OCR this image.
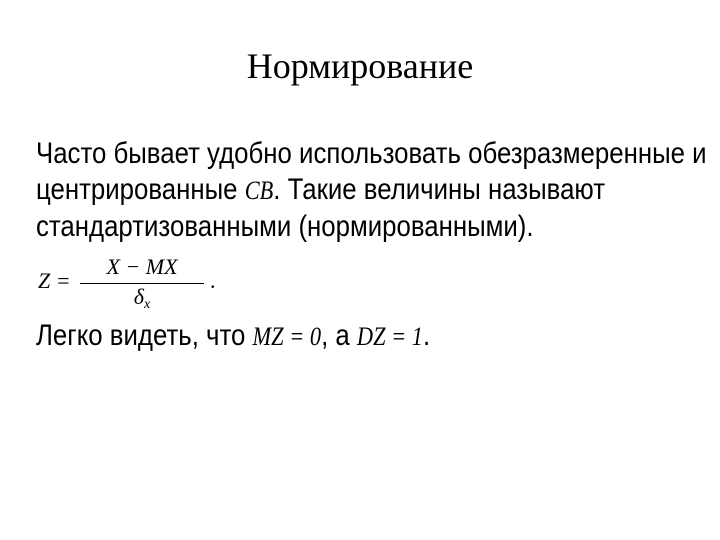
Нормирование

Часто бывает удобно использовать обезразмеренные и

центрированные СВ. Такие величины называют

стандартизованными (нормированными).

Z =
X − MX
$\delta_x$
.

Легко видеть, что MZ = 0, а DZ = 1.
